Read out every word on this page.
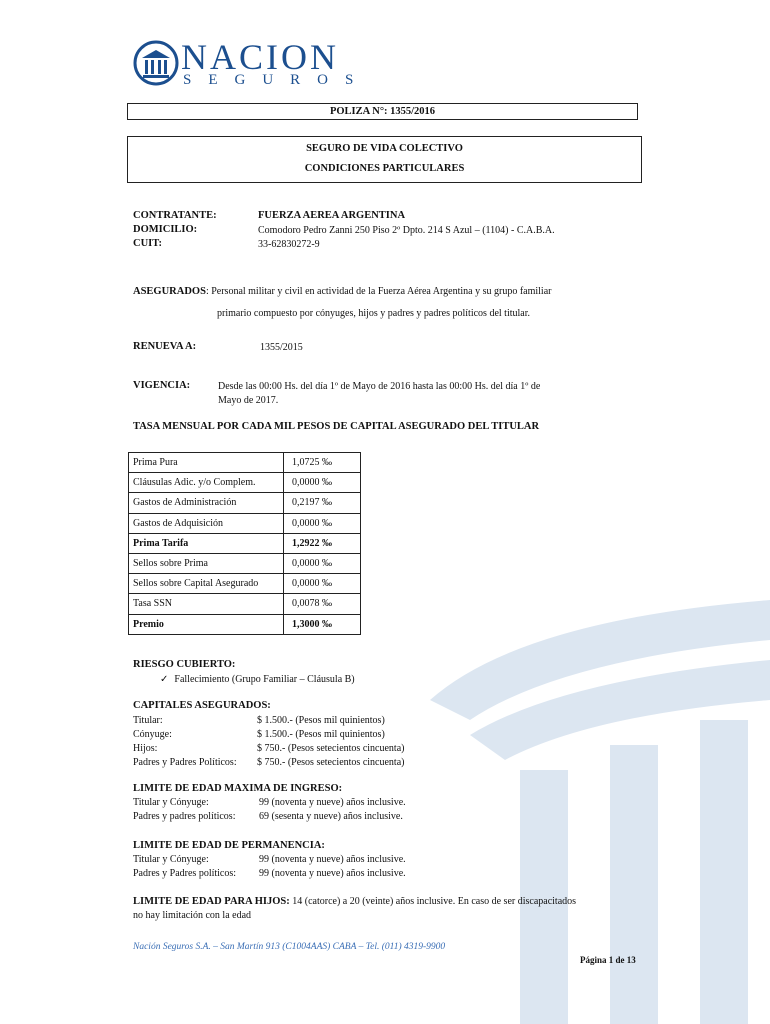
NACION
SEGUROS
POLIZA N°: 1355/2016
SEGURO DE VIDA COLECTIVO
CONDICIONES PARTICULARES
CONTRATANTE:	FUERZA AEREA ARGENTINA
DOMICILIO:	Comodoro Pedro Zanni 250 Piso 2º Dpto. 214 S Azul – (1104) - C.A.B.A.
CUIT:	33-62830272-9
ASEGURADOS: Personal militar y civil en actividad de la Fuerza Aérea Argentina y su grupo familiar
primario compuesto por cónyuges, hijos y padres y padres políticos del titular.
RENUEVA A:	1355/2015
VIGENCIA:	Desde las 00:00 Hs. del día 1º de Mayo de 2016 hasta las 00:00 Hs. del día 1º de
Mayo de 2017.
TASA MENSUAL POR CADA MIL PESOS DE CAPITAL ASEGURADO DEL TITULAR
Prima Pura	1,0725 ‰
Cláusulas Adic. y/o Complem.	0,0000 ‰
Gastos de Administración	0,2197 ‰
Gastos de Adquisición	0,0000 ‰
Prima Tarifa	1,2922 ‰
Sellos sobre Prima	0,0000 ‰
Sellos sobre Capital Asegurado	0,0000 ‰
Tasa SSN	0,0078 ‰
Premio	1,3000 ‰
RIESGO CUBIERTO:
✓ Fallecimiento (Grupo Familiar – Cláusula B)
CAPITALES ASEGURADOS:
Titular:	$ 1.500.- (Pesos mil quinientos)
Cónyuge:	$ 1.500.- (Pesos mil quinientos)
Hijos:	$ 750.- (Pesos setecientos cincuenta)
Padres y Padres Políticos: $ 750.- (Pesos setecientos cincuenta)
LIMITE DE EDAD MAXIMA DE INGRESO:
Titular y Cónyuge:	99 (noventa y nueve) años inclusive.
Padres y padres políticos: 69 (sesenta y nueve) años inclusive.
LIMITE DE EDAD DE PERMANENCIA:
Titular y Cónyuge:	99 (noventa y nueve) años inclusive.
Padres y Padres políticos: 99 (noventa y nueve) años inclusive.
LIMITE DE EDAD PARA HIJOS: 14 (catorce) a 20 (veinte) años inclusive. En caso de ser discapacitados
no hay limitación con la edad
Nación Seguros S.A. – San Martín 913 (C1004AAS) CABA – Tel. (011) 4319-9900
Página 1 de 13
